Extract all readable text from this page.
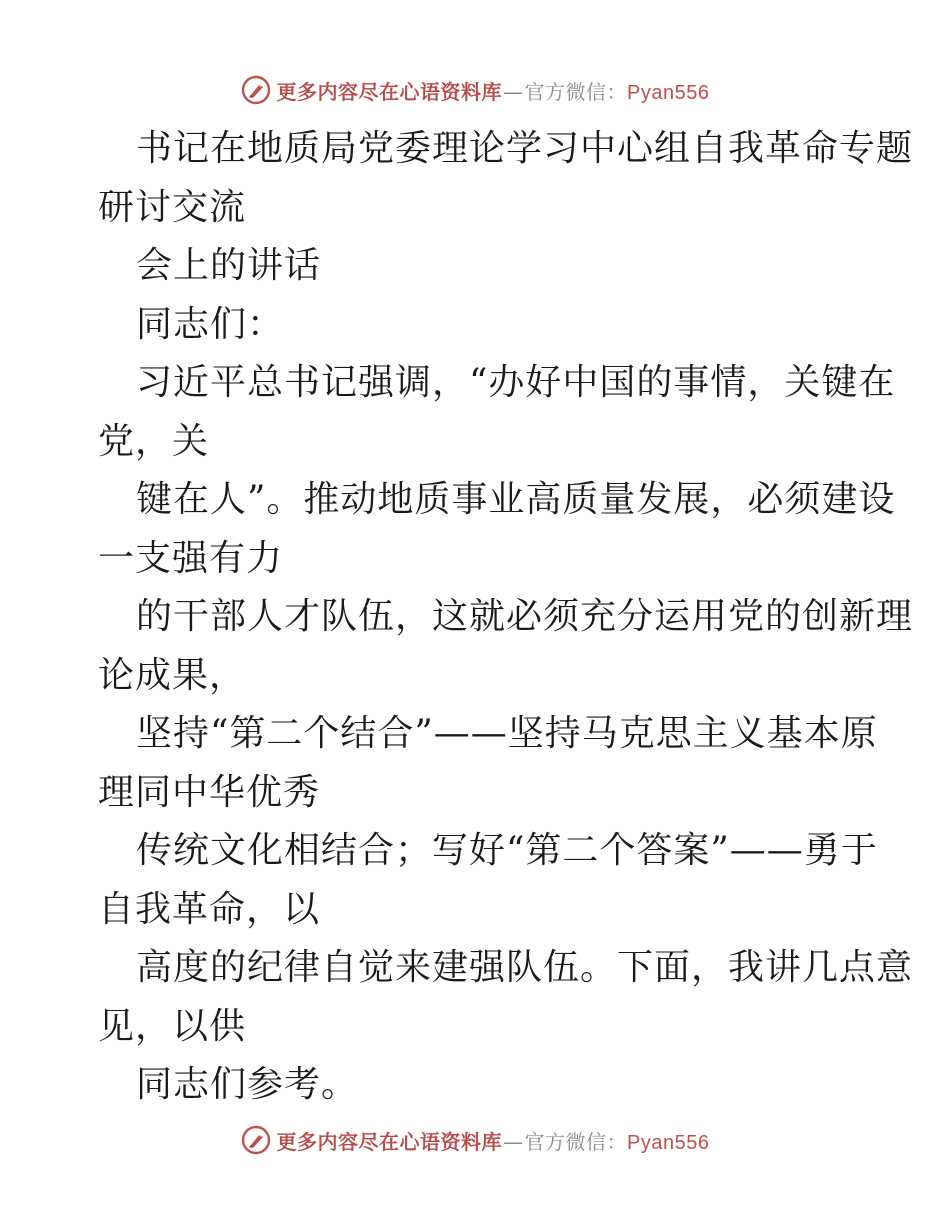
更多内容尽在心语资料库—官方微信：Pyan556
书记在地质局党委理论学习中心组自我革命专题
研讨交流
会上的讲话
同志们：
习近平总书记强调，“办好中国的事情，关键在
党，关
键在人”。推动地质事业高质量发展，必须建设
一支强有力
的干部人才队伍，这就必须充分运用党的创新理
论成果，
坚持“第二个结合”——坚持马克思主义基本原
理同中华优秀
传统文化相结合；写好“第二个答案”——勇于
自我革命，以
高度的纪律自觉来建强队伍。下面，我讲几点意
见，以供
同志们参考。
更多内容尽在心语资料库—官方微信：Pyan556
